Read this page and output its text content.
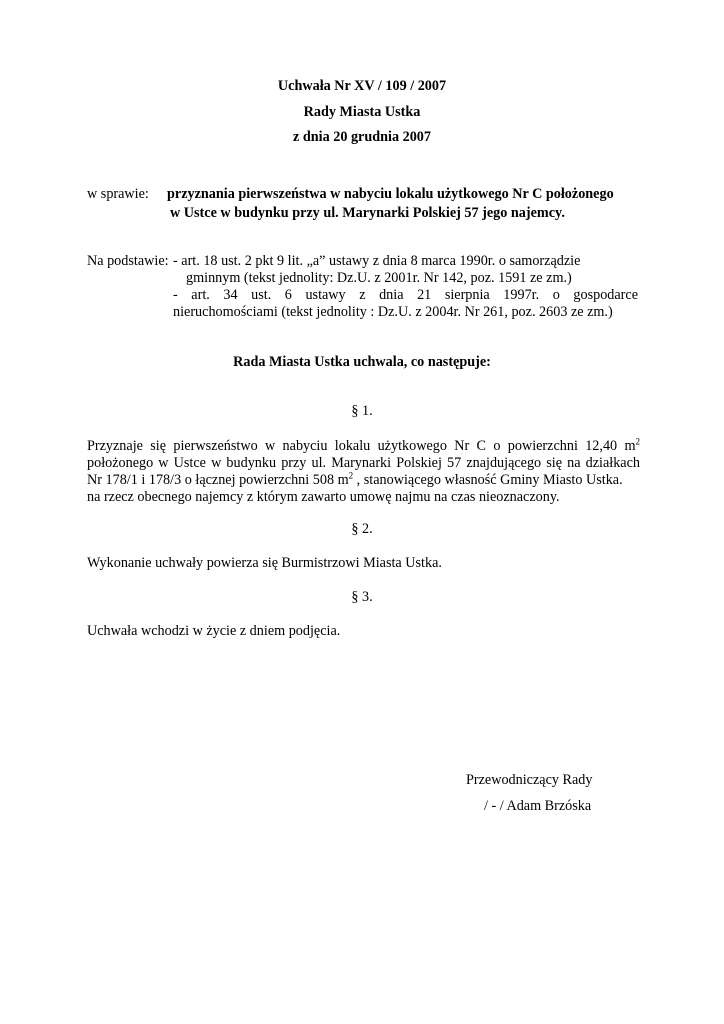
Uchwała Nr XV / 109 / 2007
Rady Miasta Ustka
z dnia 20 grudnia 2007
w sprawie: przyznania pierwszeństwa w nabyciu lokalu użytkowego Nr C położonego
w Ustce w budynku przy ul. Marynarki Polskiej 57 jego najemcy.
Na podstawie: - art. 18 ust. 2 pkt 9 lit. „a” ustawy z dnia 8 marca 1990r. o samorządzie
gminnym (tekst jednolity: Dz.U. z 2001r. Nr 142, poz. 1591 ze zm.)
- art. 34 ust. 6 ustawy z dnia 21 sierpnia 1997r. o gospodarce
nieruchomościami (tekst jednolity : Dz.U. z 2004r. Nr 261, poz. 2603 ze zm.)
Rada Miasta Ustka uchwala, co następuje:
§ 1.
Przyznaje się pierwszeństwo w nabyciu lokalu użytkowego Nr C o powierzchni 12,40 $m^2$
położonego w Ustce w budynku przy ul. Marynarki Polskiej 57 znajdującego się na działkach
Nr 178/1 i 178/3 o łącznej powierzchni 508 $m^2$ , stanowiącego własność Gminy Miasto Ustka.
na rzecz obecnego najemcy z którym zawarto umowę najmu na czas nieoznaczony.
§ 2.
Wykonanie uchwały powierza się Burmistrzowi Miasta Ustka.
§ 3.
Uchwała wchodzi w życie z dniem podjęcia.
Przewodniczący Rady
/ - / Adam Brzóska
